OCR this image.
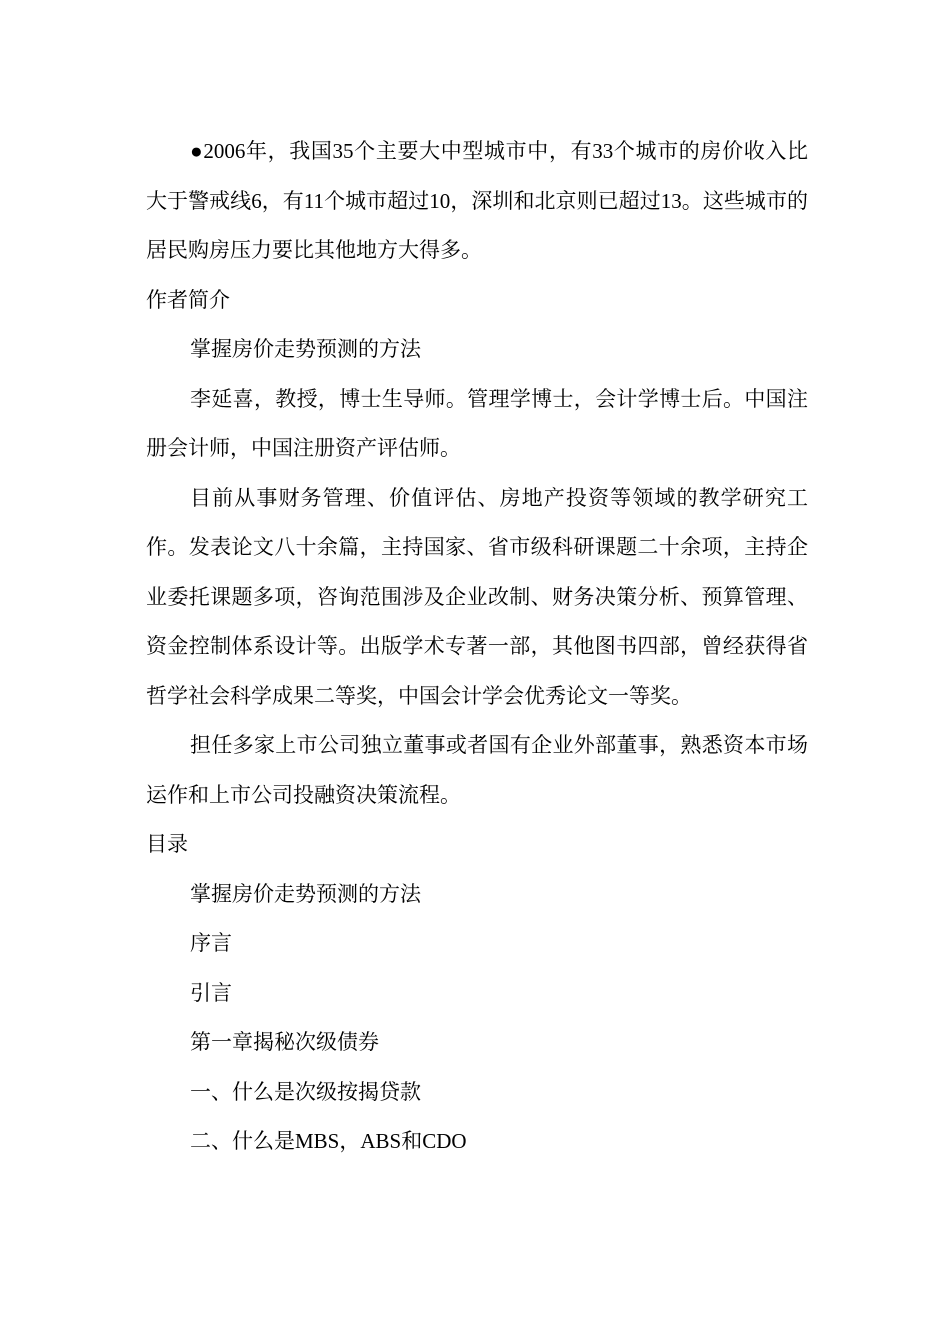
●2006年，我国35个主要大中型城市中，有33个城市的房价收入比大于警戒线6，有11个城市超过10，深圳和北京则已超过13。这些城市的居民购房压力要比其他地方大得多。

作者简介

掌握房价走势预测的方法

李延喜，教授，博士生导师。管理学博士，会计学博士后。中国注册会计师，中国注册资产评估师。

目前从事财务管理、价值评估、房地产投资等领域的教学研究工作。发表论文八十余篇，主持国家、省市级科研课题二十余项，主持企业委托课题多项，咨询范围涉及企业改制、财务决策分析、预算管理、资金控制体系设计等。出版学术专著一部，其他图书四部，曾经获得省哲学社会科学成果二等奖，中国会计学会优秀论文一等奖。

担任多家上市公司独立董事或者国有企业外部董事，熟悉资本市场运作和上市公司投融资决策流程。

目录

掌握房价走势预测的方法

序言

引言

第一章揭秘次级债券

一、什么是次级按揭贷款

二、什么是MBS，ABS和CDO
